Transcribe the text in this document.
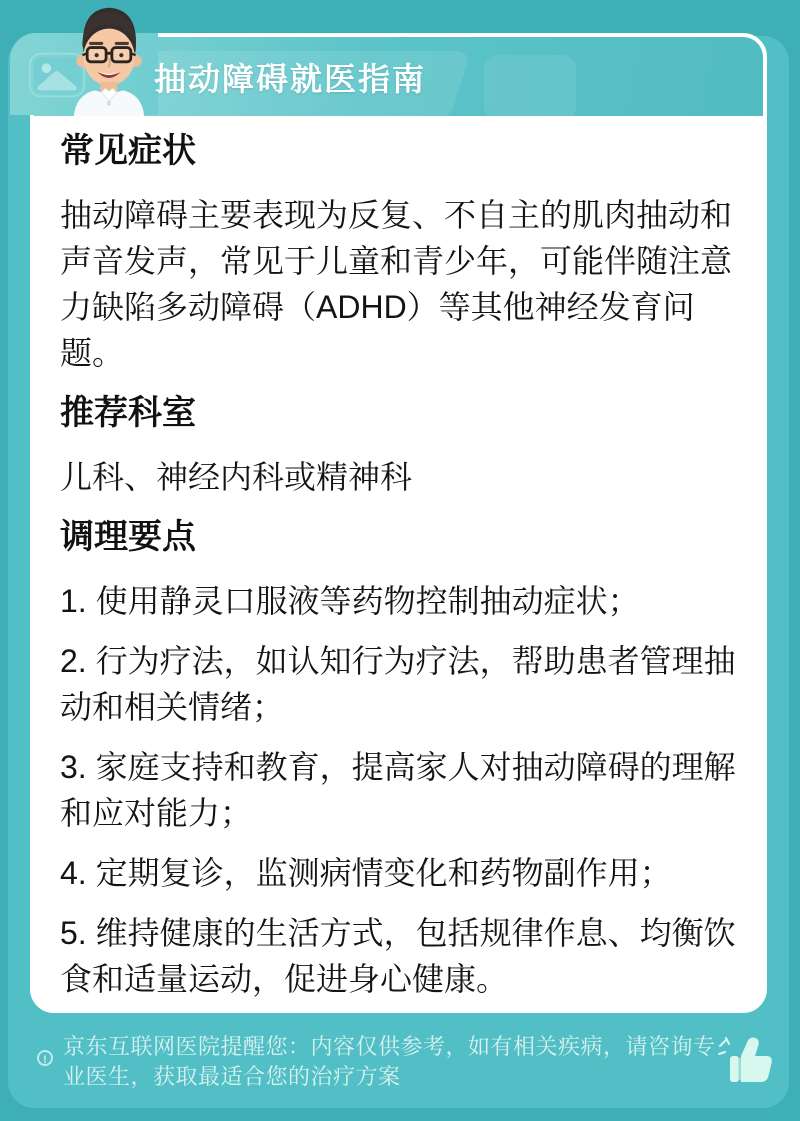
抽动障碍就医指南
常见症状

抽动障碍主要表现为反复、不自主的肌肉抽动和声音发声，常见于儿童和青少年，可能伴随注意力缺陷多动障碍（ADHD）等其他神经发育问题。

推荐科室

儿科、神经内科或精神科

调理要点

1. 使用静灵口服液等药物控制抽动症状；

2. 行为疗法，如认知行为疗法，帮助患者管理抽动和相关情绪；

3. 家庭支持和教育，提高家人对抽动障碍的理解和应对能力；

4. 定期复诊，监测病情变化和药物副作用；

5. 维持健康的生活方式，包括规律作息、均衡饮食和适量运动，促进身心健康。

!
京东互联网医院提醒您：内容仅供参考，如有相关疾病，请咨询专业医生，获取最适合您的治疗方案
